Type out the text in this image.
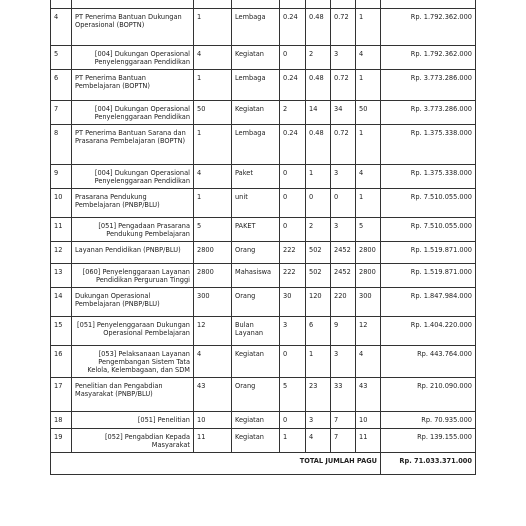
4	PT Penerima Bantuan Dukungan Operasional (BOPTN)	1	Lembaga	0.24	0.48	0.72	1	Rp. 1.792.362.000
5	[004] Dukungan Operasional Penyelenggaraan Pendidikan	4	Kegiatan	0	2	3	4	Rp. 1.792.362.000
6	PT Penerima Bantuan Pembelajaran (BOPTN)	1	Lembaga	0.24	0.48	0.72	1	Rp. 3.773.286.000
7	[004] Dukungan Operasional Penyelenggaraan Pendidikan	50	Kegiatan	2	14	34	50	Rp. 3.773.286.000
8	PT Penerima Bantuan Sarana dan Prasarana Pembelajaran (BOPTN)	1	Lembaga	0.24	0.48	0.72	1	Rp. 1.375.338.000
9	[004] Dukungan Operasional Penyelenggaraan Pendidikan	4	Paket	0	1	3	4	Rp. 1.375.338.000
10	Prasarana Pendukung Pembelajaran (PNBP/BLU)	1	unit	0	0	0	1	Rp. 7.510.055.000
11	[051] Pengadaan Prasarana Pendukung Pembelajaran	5	PAKET	0	2	3	5	Rp. 7.510.055.000
12	Layanan Pendidikan (PNBP/BLU)	2800	Orang	222	502	2452	2800	Rp. 1.519.871.000
13	[060] Penyelenggaraan Layanan Pendidikan Perguruan Tinggi	2800	Mahasiswa	222	502	2452	2800	Rp. 1.519.871.000
14	Dukungan Operasional Pembelajaran (PNBP/BLU)	300	Orang	30	120	220	300	Rp. 1.847.984.000
15	[051] Penyelenggaraan Dukungan Operasional Pembelajaran	12	Bulan Layanan	3	6	9	12	Rp. 1.404.220.000
16	[053] Pelaksanaan Layanan Pengembangan Sistem Tata Kelola, Kelembagaan, dan SDM	4	Kegiatan	0	1	3	4	Rp. 443.764.000
17	Penelitian dan Pengabdian Masyarakat (PNBP/BLU)	43	Orang	5	23	33	43	Rp. 210.090.000
18	[051] Penelitian	10	Kegiatan	0	3	7	10	Rp. 70.935.000
19	[052] Pengabdian Kepada Masyarakat	11	Kegiatan	1	4	7	11	Rp. 139.155.000
TOTAL JUMLAH PAGU								Rp. 71.033.371.000
